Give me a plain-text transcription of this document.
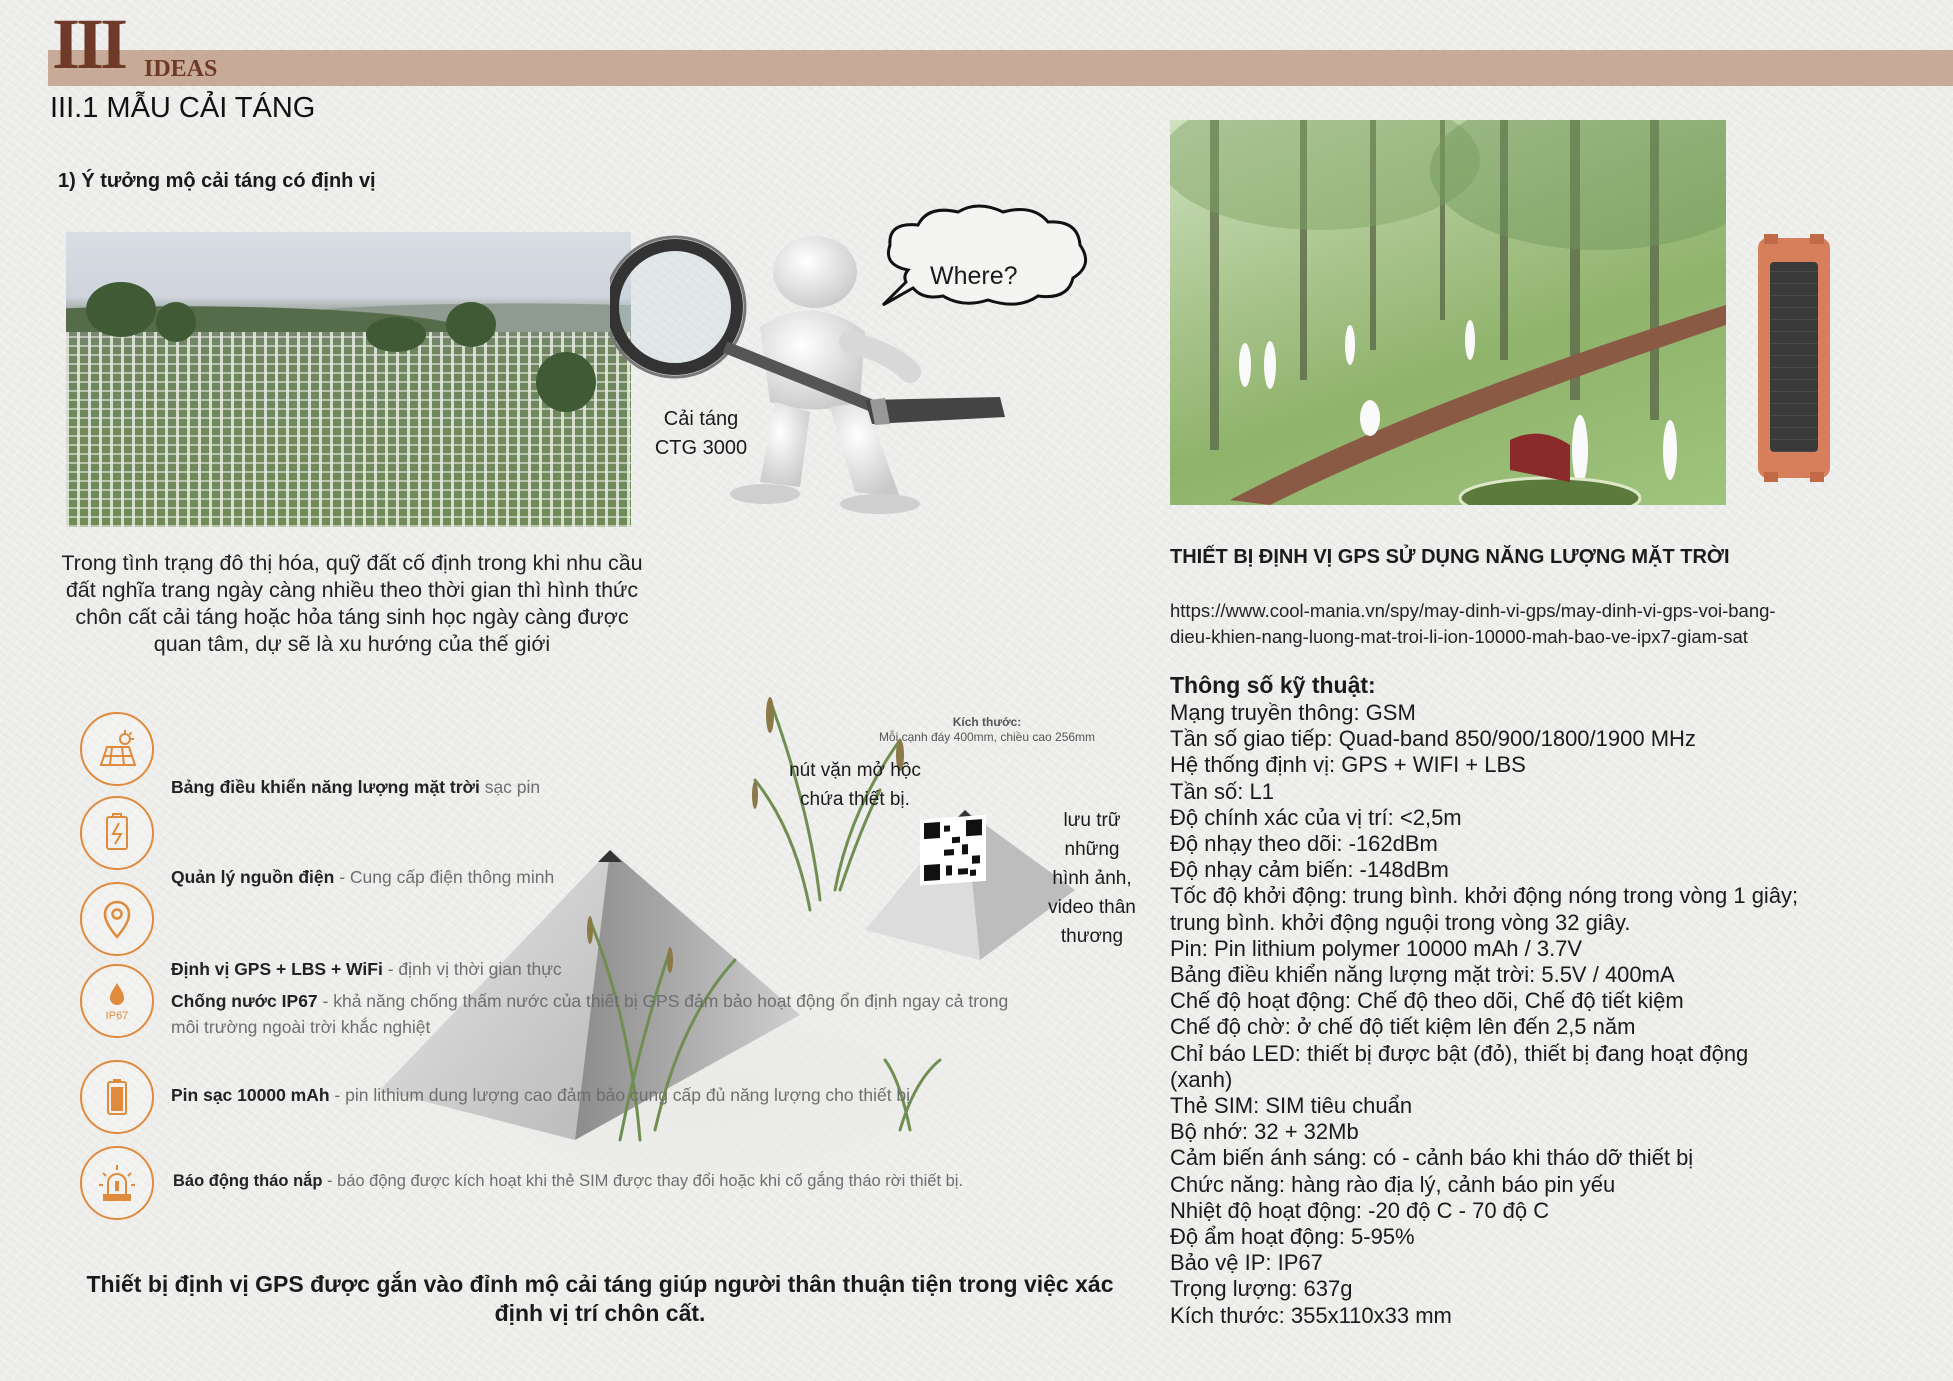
III IDEAS
III.1 MẪU CẢI TÁNG
1) Ý tưởng mộ cải táng có định vị
Cải táng
CTG 3000
Where?
Trong tình trạng đô thị hóa, quỹ đất cố định trong khi nhu cầu đất nghĩa trang ngày càng nhiều theo thời gian thì hình thức chôn cất cải táng hoặc hỏa táng sinh học ngày càng được quan tâm, dự sẽ là xu hướng của thế giới
Kích thước:
Mỗi cạnh đáy 400mm, chiều cao 256mm
nút vặn mở hộc
chứa thiết bị.
lưu trữ
những
hình ảnh,
video thân
thương
Bảng điều khiển năng lượng mặt trời sạc pin
Quản lý nguồn điện - Cung cấp điện thông minh
Định vị GPS + LBS + WiFi - định vị thời gian thực
IP67
Chống nước IP67 - khả năng chống thấm nước của thiết bị GPS đảm bảo hoạt động ổn định ngay cả trong
môi trường ngoài trời khắc nghiệt
Pin sạc 10000 mAh - pin lithium dung lượng cao đảm bảo cung cấp đủ năng lượng cho thiết bị
Báo động tháo nắp - báo động được kích hoạt khi thẻ SIM được thay đổi hoặc khi cố gắng tháo rời thiết bị.
Thiết bị định vị GPS được gắn vào đỉnh mộ cải táng giúp người thân thuận tiện trong việc xác định vị trí chôn cất.
THIẾT BỊ ĐỊNH VỊ GPS SỬ DỤNG NĂNG LƯỢNG MẶT TRỜI
https://www.cool-mania.vn/spy/may-dinh-vi-gps/may-dinh-vi-gps-voi-bang-
dieu-khien-nang-luong-mat-troi-li-ion-10000-mah-bao-ve-ipx7-giam-sat
Thông số kỹ thuật:
Mạng truyền thông: GSM
Tần số giao tiếp: Quad-band 850/900/1800/1900 MHz
Hệ thống định vị: GPS + WIFI + LBS
Tần số: L1
Độ chính xác của vị trí: <2,5m
Độ nhạy theo dõi: -162dBm
Độ nhạy cảm biến: -148dBm
Tốc độ khởi động: trung bình. khởi động nóng trong vòng 1 giây;
trung bình. khởi động nguội trong vòng 32 giây.
Pin: Pin lithium polymer 10000 mAh / 3.7V
Bảng điều khiển năng lượng mặt trời: 5.5V / 400mA
Chế độ hoạt động: Chế độ theo dõi, Chế độ tiết kiệm
Chế độ chờ: ở chế độ tiết kiệm lên đến 2,5 năm
Chỉ báo LED: thiết bị được bật (đỏ), thiết bị đang hoạt động
(xanh)
Thẻ SIM: SIM tiêu chuẩn
Bộ nhớ: 32 + 32Mb
Cảm biến ánh sáng: có - cảnh báo khi tháo dỡ thiết bị
Chức năng: hàng rào địa lý, cảnh báo pin yếu
Nhiệt độ hoạt động: -20 độ C - 70 độ C
Độ ẩm hoạt động: 5-95%
Bảo vệ IP: IP67
Trọng lượng: 637g
Kích thước: 355x110x33 mm
